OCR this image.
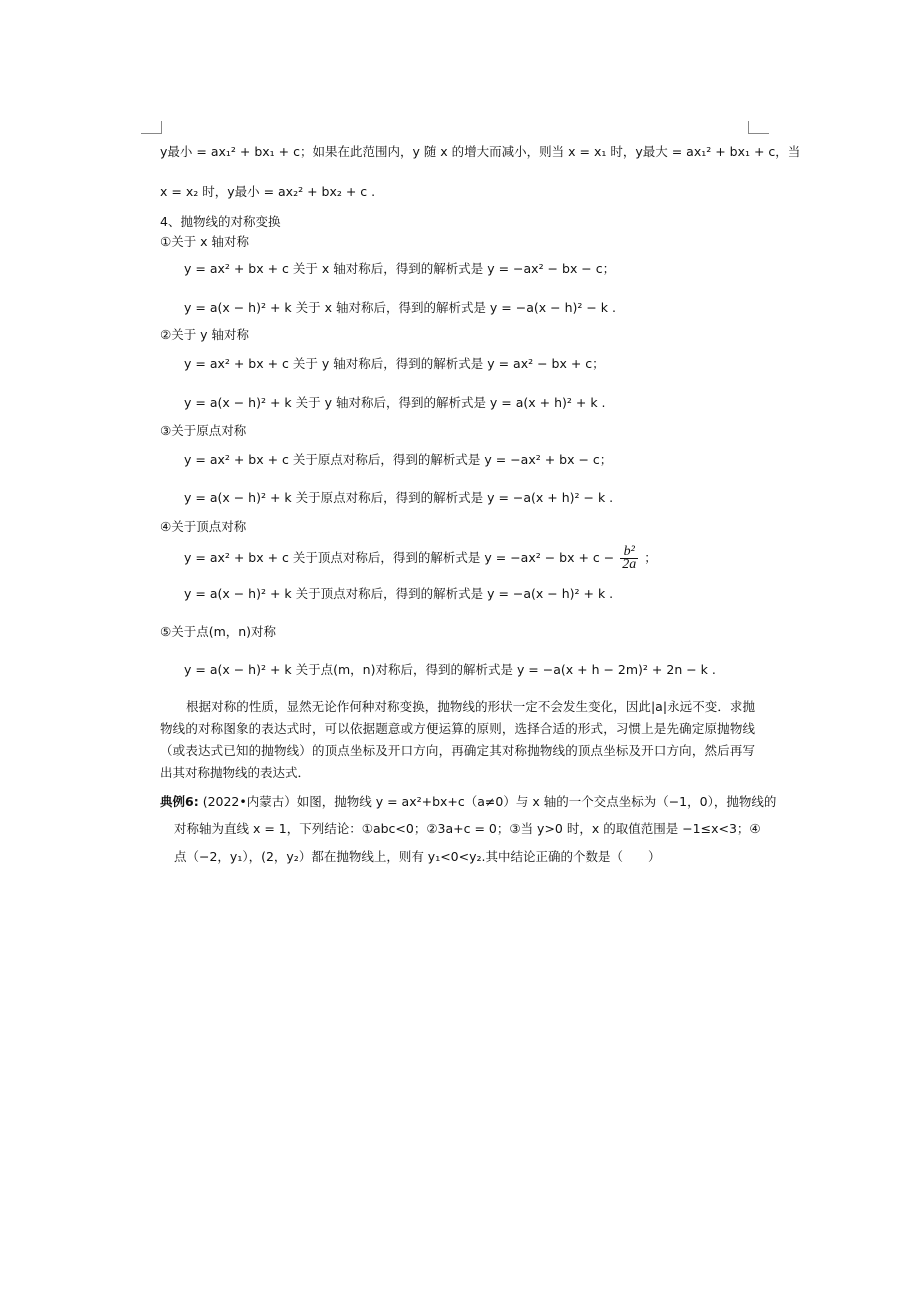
y最小 = ax₁² + bx₁ + c；如果在此范围内，y 随 x 的增大而减小，则当 x = x₁ 时，y最大 = ax₁² + bx₁ + c，当
x = x₂ 时，y最小 = ax₂² + bx₂ + c .
4、抛物线的对称变换
①关于 x 轴对称
y = ax² + bx + c 关于 x 轴对称后，得到的解析式是 y = −ax² − bx − c；
y = a(x − h)² + k 关于 x 轴对称后，得到的解析式是 y = −a(x − h)² − k .
②关于 y 轴对称
y = ax² + bx + c 关于 y 轴对称后，得到的解析式是 y = ax² − bx + c；
y = a(x − h)² + k 关于 y 轴对称后，得到的解析式是 y = a(x + h)² + k .
③关于原点对称
y = ax² + bx + c 关于原点对称后，得到的解析式是 y = −ax² + bx − c；
y = a(x − h)² + k 关于原点对称后，得到的解析式是 y = −a(x + h)² − k .
④关于顶点对称
y = ax² + bx + c 关于顶点对称后，得到的解析式是 y = −ax² − bx + $c - \frac{\text{b²}}{2a}$ ；
y = a(x − h)² + k 关于顶点对称后，得到的解析式是 y = −a(x − h)² + k .
⑤关于点(m，n)对称
y = a(x − h)² + k 关于点(m，n)对称后，得到的解析式是 y = −a(x + h − 2m)² + 2n − k .
根据对称的性质，显然无论作何种对称变换，抛物线的形状一定不会发生变化，因此|a|永远不变．求抛物线的对称图象的表达式时，可以依据题意或方便运算的原则，选择合适的形式，习惯上是先确定原抛物线（或表达式已知的抛物线）的顶点坐标及开口方向，再确定其对称抛物线的顶点坐标及开口方向，然后再写出其对称抛物线的表达式．
典例6: (2022•内蒙古）如图，抛物线 y = ax²+bx+c（a≠0）与 x 轴的一个交点坐标为（−1，0），抛物线的
对称轴为直线 x = 1，下列结论：①abc<0；②3a+c = 0；③当 y>0 时，x 的取值范围是 −1≤x<3；④
点（−2，y₁），(2，y₂）都在抛物线上，则有 y₁<0<y₂.其中结论正确的个数是（　　）
